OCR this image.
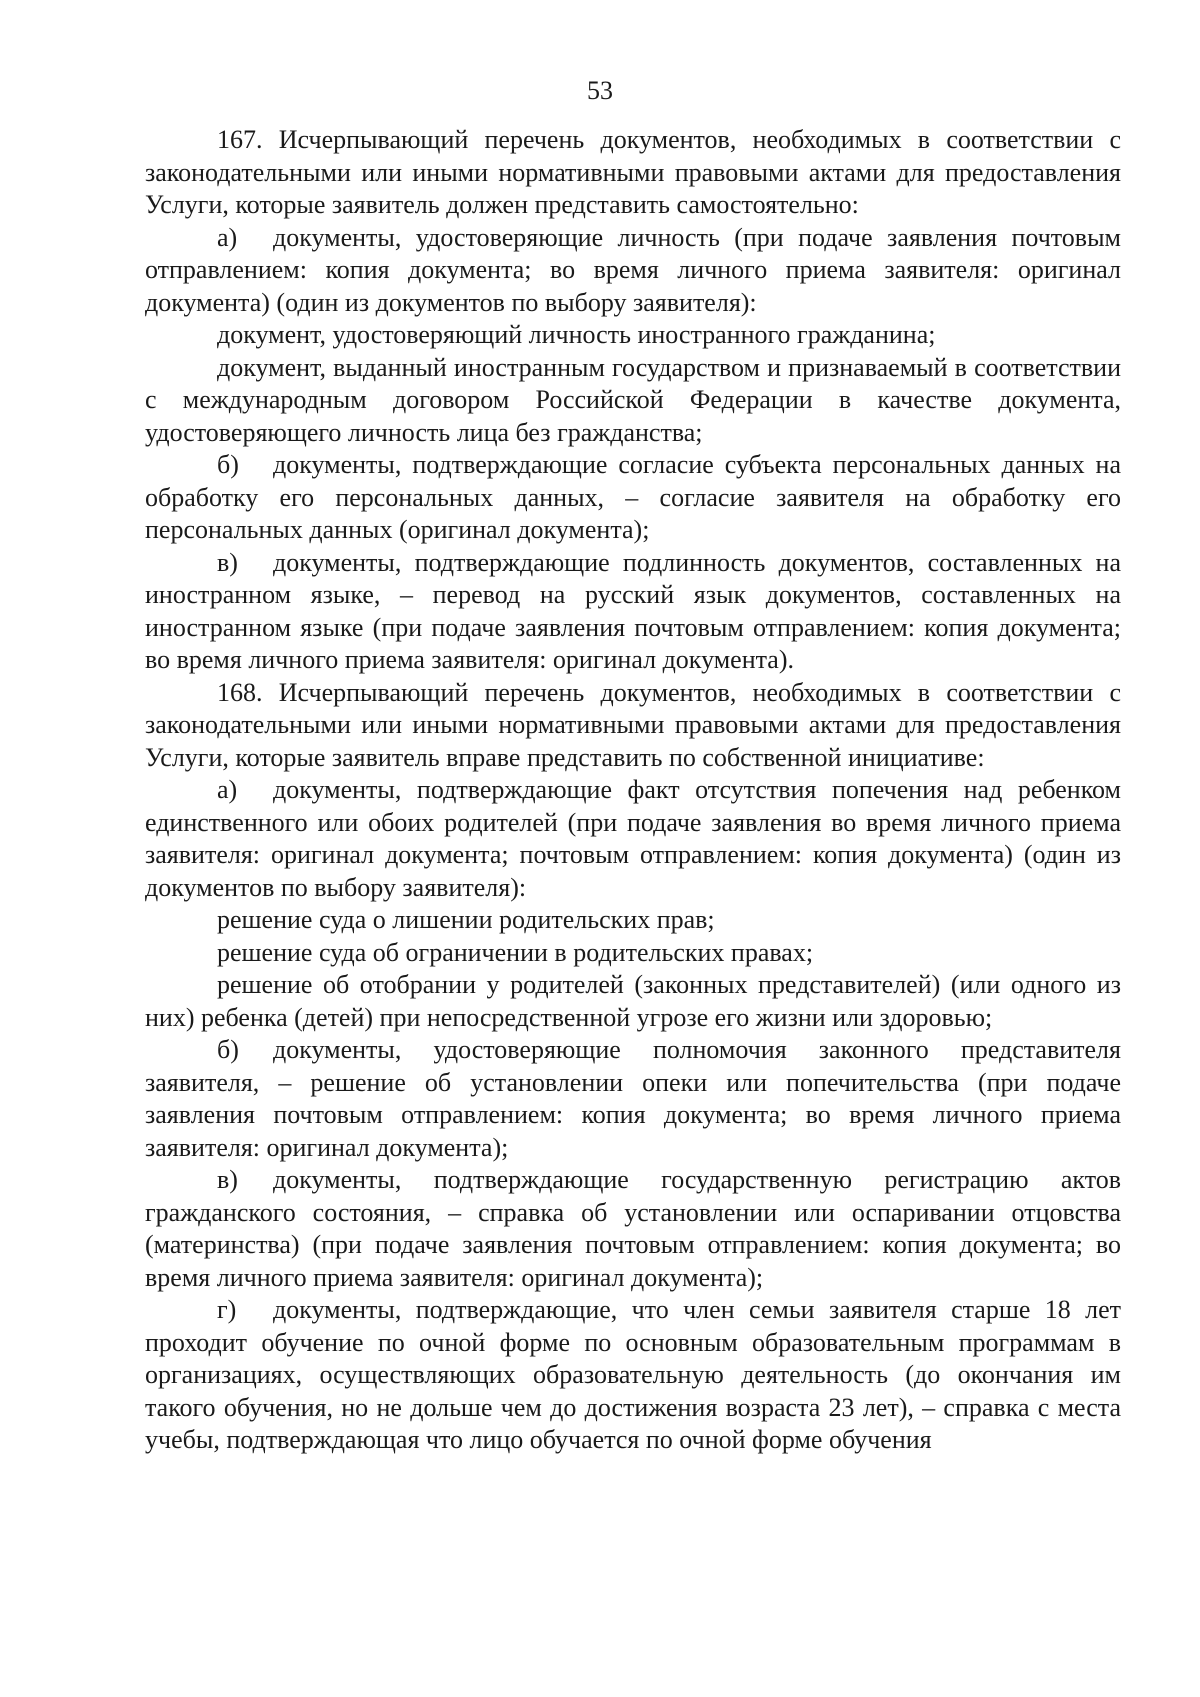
53

167. Исчерпывающий перечень документов, необходимых в соответствии с законодательными или иными нормативными правовыми актами для предоставления Услуги, которые заявитель должен представить самостоятельно:

а) документы, удостоверяющие личность (при подаче заявления почтовым отправлением: копия документа; во время личного приема заявителя: оригинал документа) (один из документов по выбору заявителя):

документ, удостоверяющий личность иностранного гражданина;

документ, выданный иностранным государством и признаваемый в соответствии с международным договором Российской Федерации в качестве документа, удостоверяющего личность лица без гражданства;

б) документы, подтверждающие согласие субъекта персональных данных на обработку его персональных данных, – согласие заявителя на обработку его персональных данных (оригинал документа);

в) документы, подтверждающие подлинность документов, составленных на иностранном языке, – перевод на русский язык документов, составленных на иностранном языке (при подаче заявления почтовым отправлением: копия документа; во время личного приема заявителя: оригинал документа).

168. Исчерпывающий перечень документов, необходимых в соответствии с законодательными или иными нормативными правовыми актами для предоставления Услуги, которые заявитель вправе представить по собственной инициативе:

а) документы, подтверждающие факт отсутствия попечения над ребенком единственного или обоих родителей (при подаче заявления во время личного приема заявителя: оригинал документа; почтовым отправлением: копия документа) (один из документов по выбору заявителя):

решение суда о лишении родительских прав;

решение суда об ограничении в родительских правах;

решение об отобрании у родителей (законных представителей) (или одного из них) ребенка (детей) при непосредственной угрозе его жизни или здоровью;

б) документы, удостоверяющие полномочия законного представителя заявителя, – решение об установлении опеки или попечительства (при подаче заявления почтовым отправлением: копия документа; во время личного приема заявителя: оригинал документа);

в) документы, подтверждающие государственную регистрацию актов гражданского состояния, – справка об установлении или оспаривании отцовства (материнства) (при подаче заявления почтовым отправлением: копия документа; во время личного приема заявителя: оригинал документа);

г) документы, подтверждающие, что член семьи заявителя старше 18 лет проходит обучение по очной форме по основным образовательным программам в организациях, осуществляющих образовательную деятельность (до окончания им такого обучения, но не дольше чем до достижения возраста 23 лет), – справка с места учебы, подтверждающая что лицо обучается по очной форме обучения
